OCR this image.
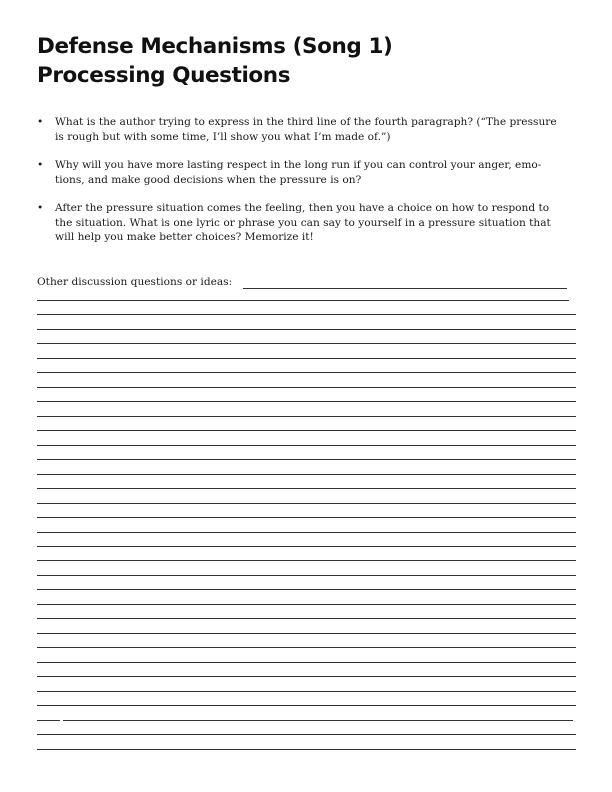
Defense Mechanisms (Song 1)
Processing Questions
• What is the author trying to express in the third line of the fourth paragraph? (“The pressure is rough but with some time, I’ll show you what I’m made of.”)
• Why will you have more lasting respect in the long run if you can control your anger, emo-tions, and make good decisions when the pressure is on?
• After the pressure situation comes the feeling, then you have a choice on how to respond to the situation. What is one lyric or phrase you can say to yourself in a pressure situation that will help you make better choices? Memorize it!
Other discussion questions or ideas:
